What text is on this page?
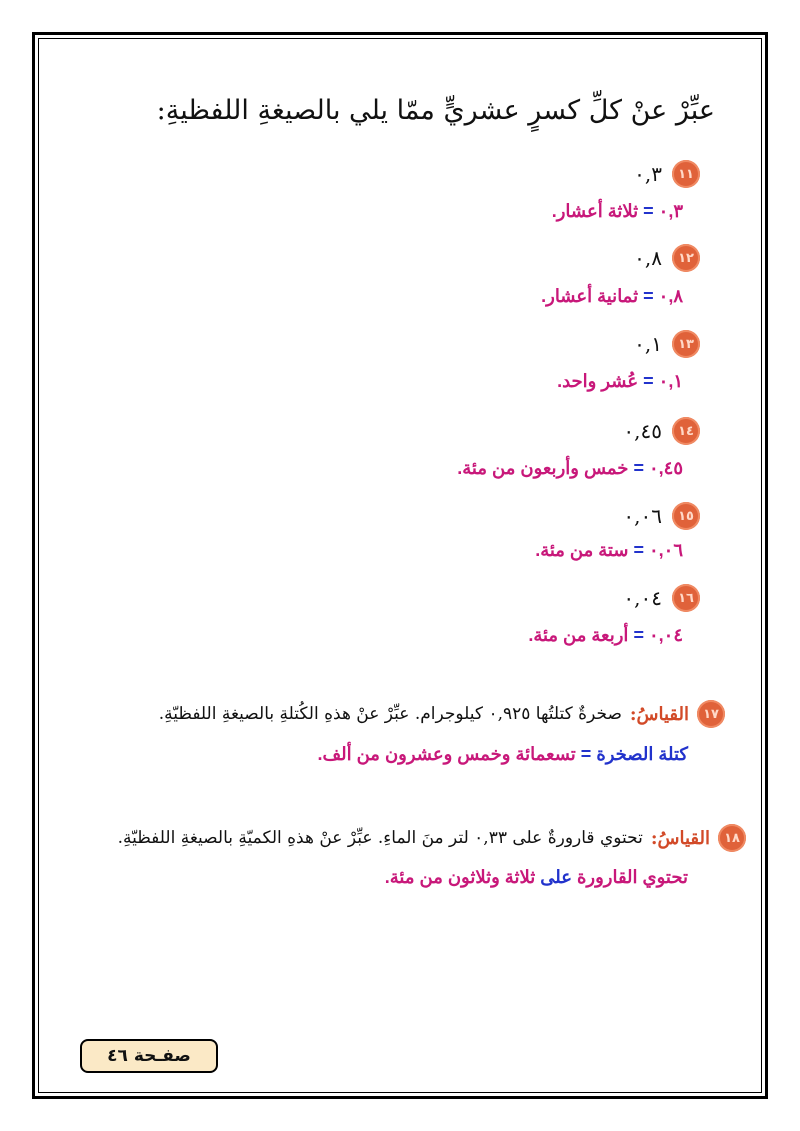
عبِّرْ عنْ كلِّ كسرٍ عشريٍّ ممّا يلي بالصيغةِ اللفظيةِ:
١١
٠,٣
٠,٣ = ثلاثة أعشار.
١٢
٠,٨
٠,٨ = ثمانية أعشار.
١٣
٠,١
٠,١ = عُشر واحد.
١٤
٠,٤٥
٠,٤٥ = خمس وأربعون من مئة.
١٥
٠,٠٦
٠,٠٦ = ستة من مئة.
١٦
٠,٠٤
٠,٠٤ = أربعة من مئة.
١٧
القياسُ:
صخرةٌ كتلتُها ٠,٩٢٥ كيلوجرام. عبِّرْ عنْ هذهِ الكُتلةِ بالصيغةِ اللفظيّةِ.
كتلة الصخرة = تسعمائة وخمس وعشرون من ألف.
١٨
القياسُ:
تحتوي قارورةٌ على ٠,٣٣ لتر منَ الماءِ. عبِّرْ عنْ هذهِ الكميّةِ بالصيغةِ اللفظيّةِ.
تحتوي القارورة على ثلاثة وثلاثون من مئة.
صفـحة ٤٦
